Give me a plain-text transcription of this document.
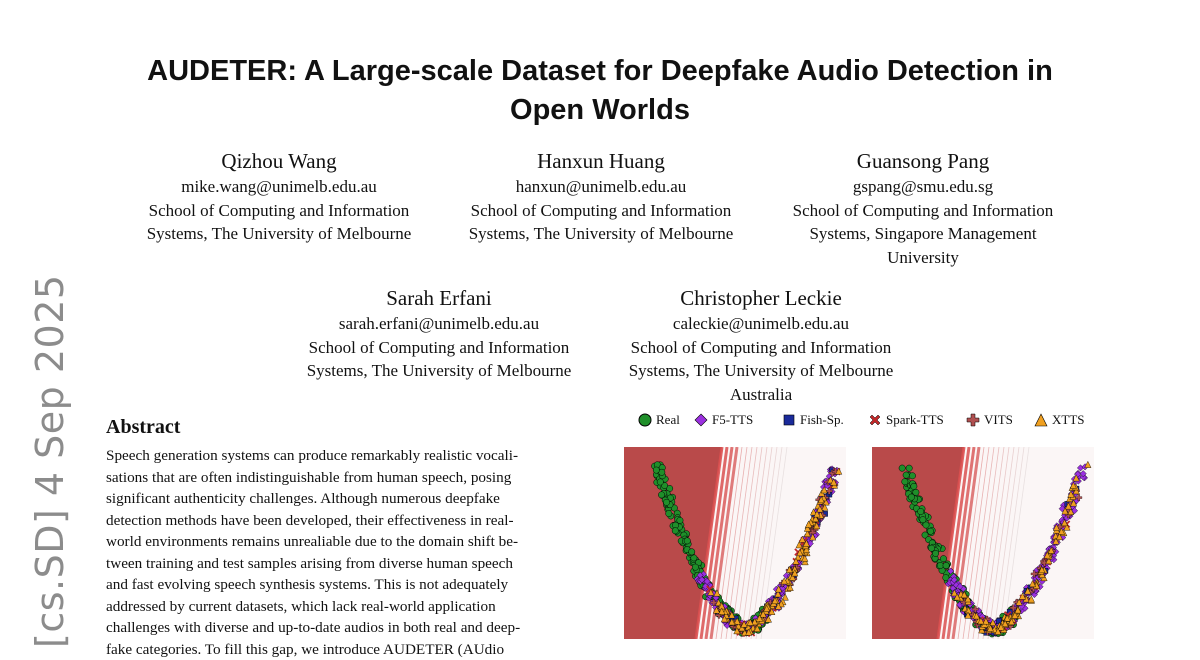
AUDETER: A Large-scale Dataset for Deepfake Audio Detection in
Open Worlds
[cs.SD] 4 Sep 2025
Qizhou Wang
mike.wang@unimelb.edu.au
School of Computing and Information
Systems, The University of Melbourne
Hanxun Huang
hanxun@unimelb.edu.au
School of Computing and Information
Systems, The University of Melbourne
Guansong Pang
gspang@smu.edu.sg
School of Computing and Information
Systems, Singapore Management
University
Sarah Erfani
sarah.erfani@unimelb.edu.au
School of Computing and Information
Systems, The University of Melbourne
Christopher Leckie
caleckie@unimelb.edu.au
School of Computing and Information
Systems, The University of Melbourne
Australia
Abstract
Speech generation systems can produce remarkably realistic vocali-
sations that are often indistinguishable from human speech, posing
significant authenticity challenges. Although numerous deepfake
detection methods have been developed, their effectiveness in real-
world environments remains unrealiable due to the domain shift be-
tween training and test samples arising from diverse human speech
and fast evolving speech synthesis systems. This is not adequately
addressed by current datasets, which lack real-world application
challenges with diverse and up-to-date audios in both real and deep-
fake categories. To fill this gap, we introduce AUDETER (AUdio
Real F5-TTS	Fish-Sp.	Spark-TTS	VITS	XTTS
